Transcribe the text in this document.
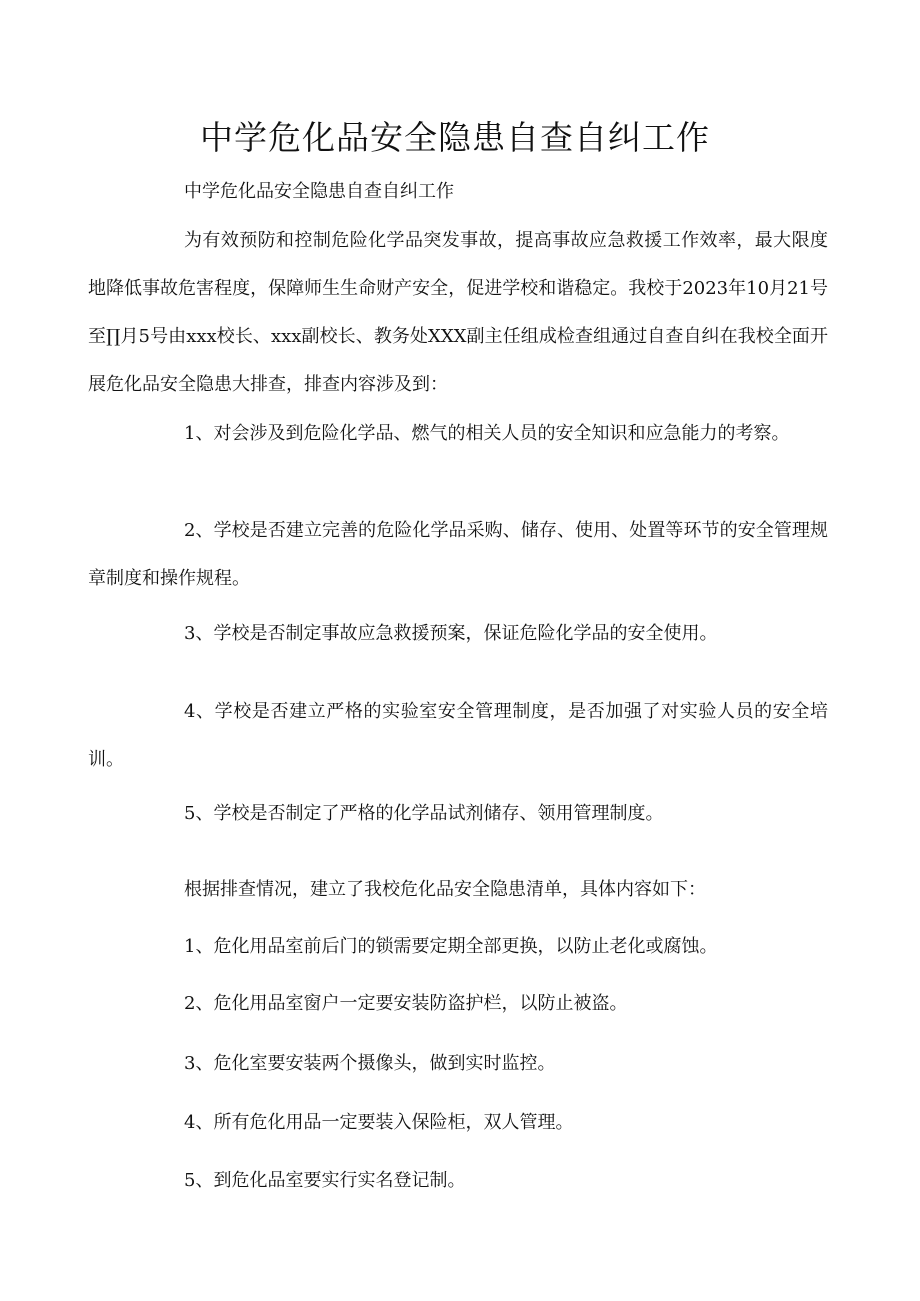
中学危化品安全隐患自查自纠工作

中学危化品安全隐患自查自纠工作

为有效预防和控制危险化学品突发事故，提高事故应急救援工作效率，最大限度地降低事故危害程度，保障师生生命财产安全，促进学校和谐稳定。我校于2023年10月21号至∏月5号由xxx校长、xxx副校长、教务处XXX副主任组成检查组通过自查自纠在我校全面开展危化品安全隐患大排查，排查内容涉及到：

1、对会涉及到危险化学品、燃气的相关人员的安全知识和应急能力的考察。

2、学校是否建立完善的危险化学品采购、储存、使用、处置等环节的安全管理规章制度和操作规程。

3、学校是否制定事故应急救援预案，保证危险化学品的安全使用。

4、学校是否建立严格的实验室安全管理制度，是否加强了对实验人员的安全培训。

5、学校是否制定了严格的化学品试剂储存、领用管理制度。

根据排查情况，建立了我校危化品安全隐患清单，具体内容如下：

1、危化用品室前后门的锁需要定期全部更换，以防止老化或腐蚀。

2、危化用品室窗户一定要安装防盗护栏，以防止被盗。

3、危化室要安装两个摄像头，做到实时监控。

4、所有危化用品一定要装入保险柜，双人管理。

5、到危化品室要实行实名登记制。
